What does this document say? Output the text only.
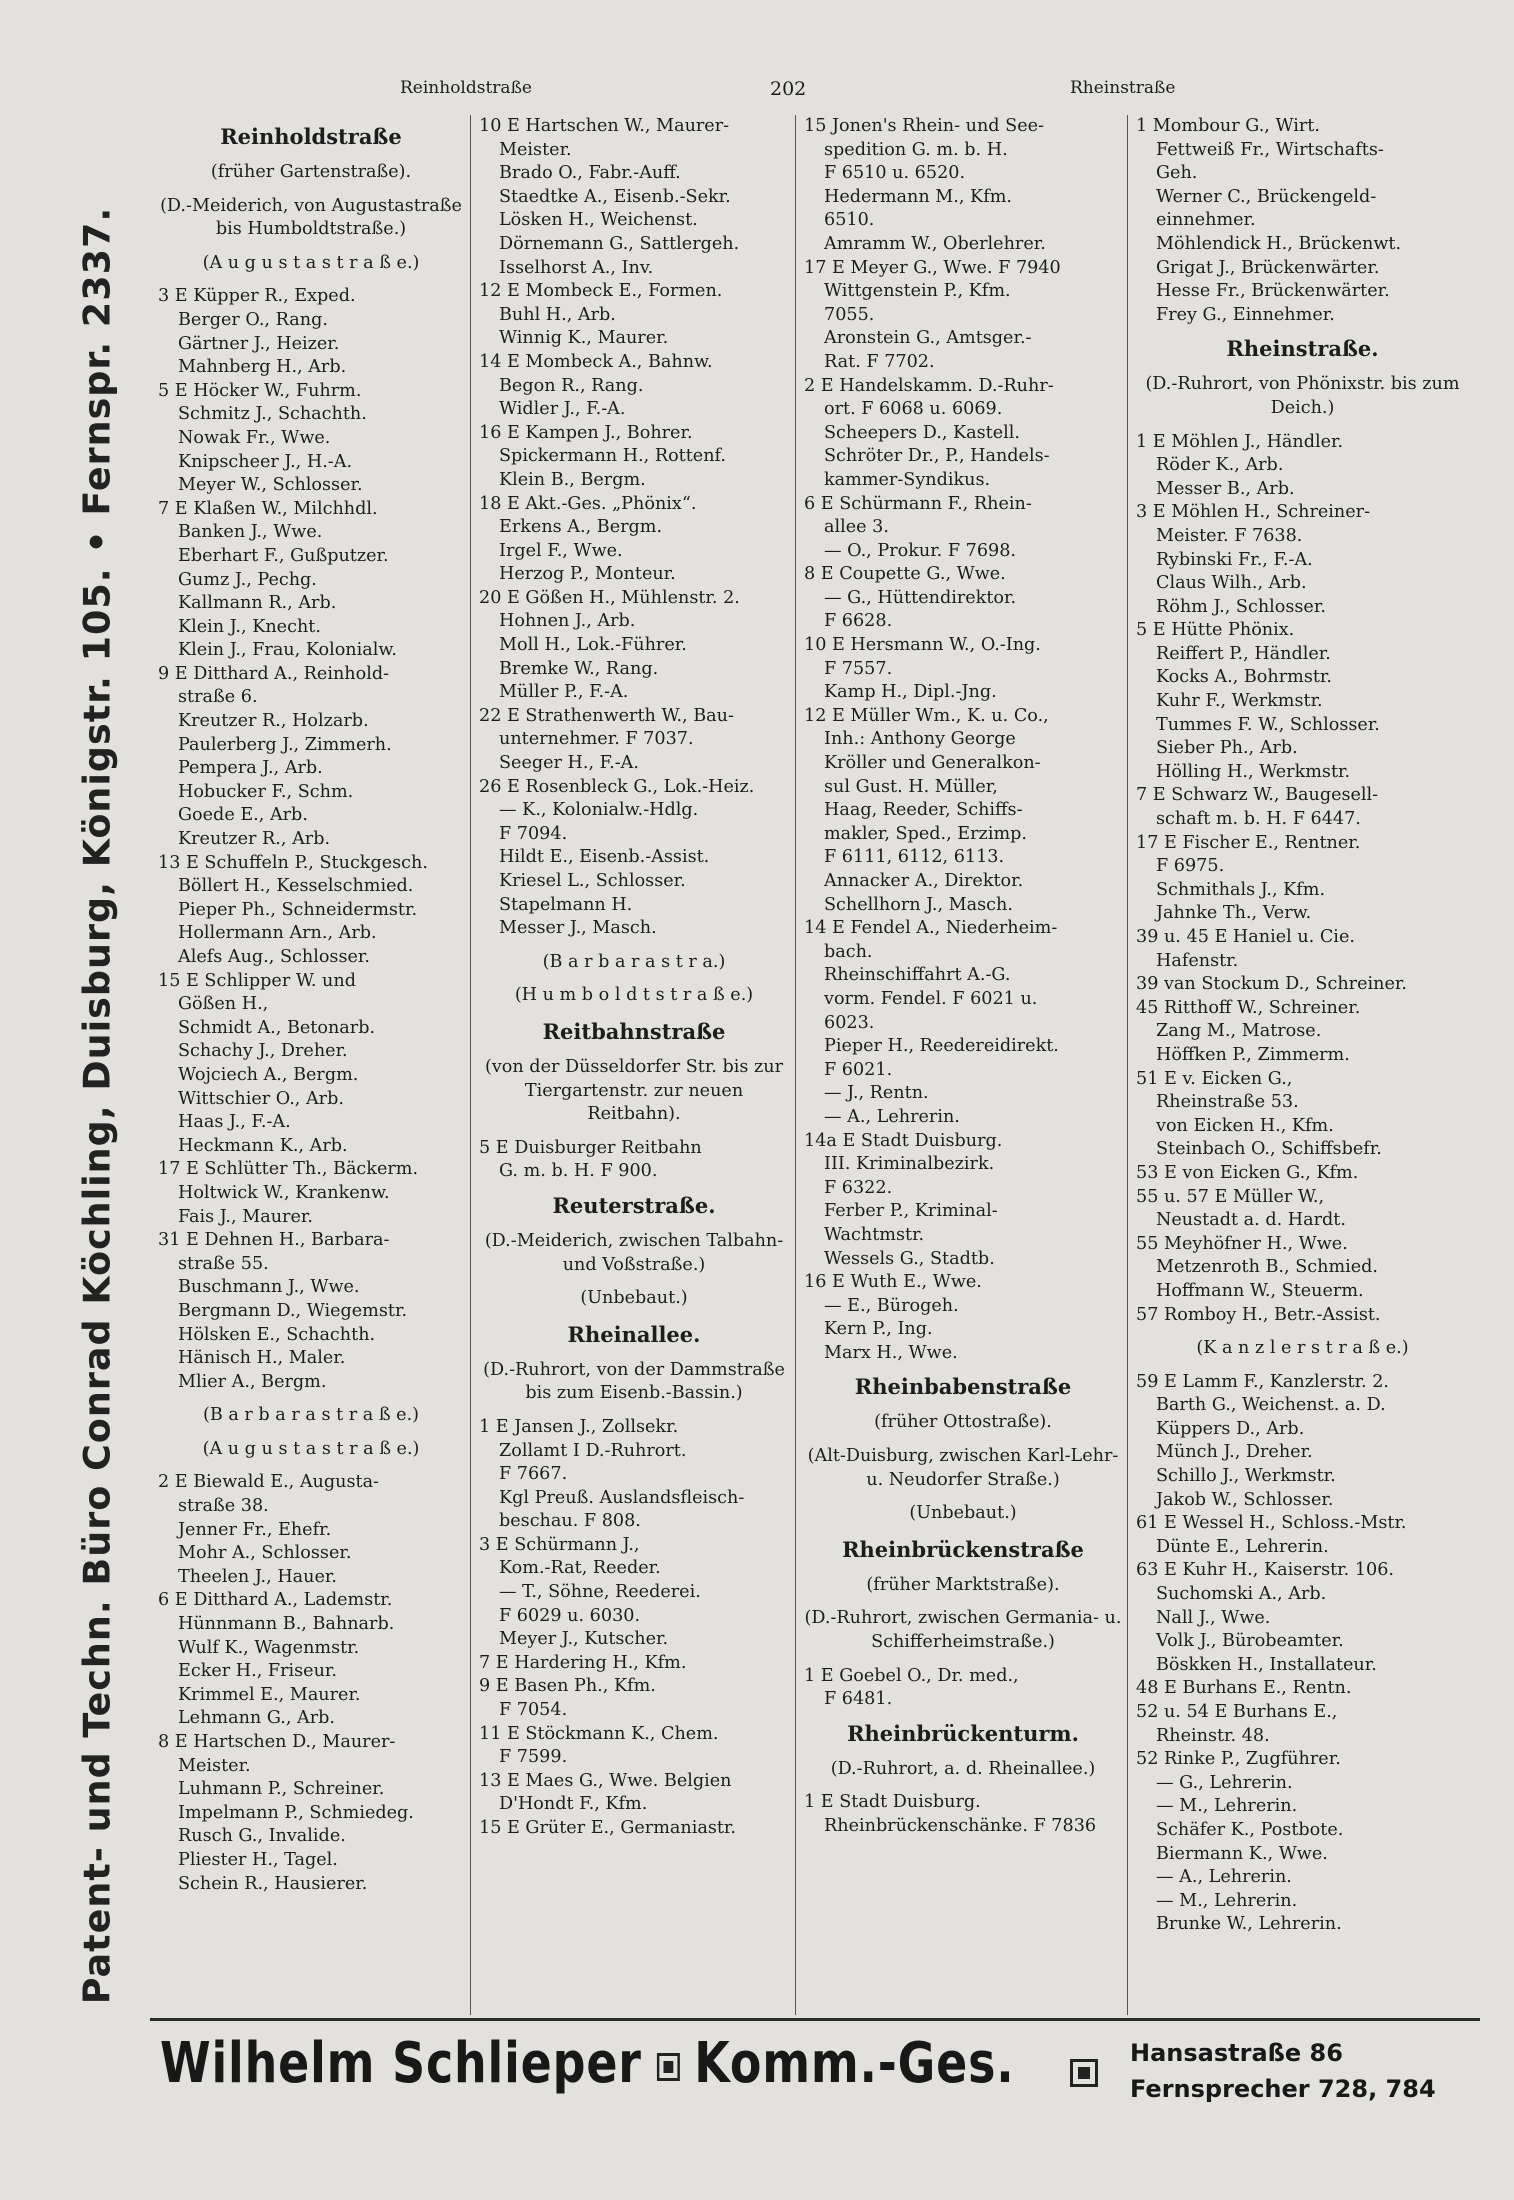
Patent- und Techn. Büro Conrad Köchling, Duisburg, Königstr. 105. • Fernspr. 2337.
Reinholdstraße	202	Rheinstraße
Reinholdstraße
(früher Gartenstraße).
(D.-Meiderich, von Augustastraße bis Humboldtstraße.)
(A u g u s t a s t r a ß e.)
3 E Küpper R., Exped.
Berger O., Rang.
Gärtner J., Heizer.
Mahnberg H., Arb.
5 E Höcker W., Fuhrm.
Schmitz J., Schachth.
Nowak Fr., Wwe.
Knipscheer J., H.-A.
Meyer W., Schlosser.
7 E Klaßen W., Milchhdl.
Banken J., Wwe.
Eberhart F., Gußputzer.
Gumz J., Pechg.
Kallmann R., Arb.
Klein J., Knecht.
Klein J., Frau, Kolonialw.
9 E Ditthard A., Reinhold-
straße 6.
Kreutzer R., Holzarb.
Paulerberg J., Zimmerh.
Pempera J., Arb.
Hobucker F., Schm.
Goede E., Arb.
Kreutzer R., Arb.
13 E Schuffeln P., Stuckgesch.
Böllert H., Kesselschmied.
Pieper Ph., Schneidermstr.
Hollermann Arn., Arb.
Alefs Aug., Schlosser.
15 E Schlipper W. und
Gößen H.,
Schmidt A., Betonarb.
Schachy J., Dreher.
Wojciech A., Bergm.
Wittschier O., Arb.
Haas J., F.-A.
Heckmann K., Arb.
17 E Schlütter Th., Bäckerm.
Holtwick W., Krankenw.
Fais J., Maurer.
31 E Dehnen H., Barbara-
straße 55.
Buschmann J., Wwe.
Bergmann D., Wiegemstr.
Hölsken E., Schachth.
Hänisch H., Maler.
Mlier A., Bergm.
(B a r b a r a s t r a ß e.)
(A u g u s t a s t r a ß e.)
2 E Biewald E., Augusta-
straße 38.
Jenner Fr., Ehefr.
Mohr A., Schlosser.
Theelen J., Hauer.
6 E Ditthard A., Lademstr.
Hünnmann B., Bahnarb.
Wulf K., Wagenmstr.
Ecker H., Friseur.
Krimmel E., Maurer.
Lehmann G., Arb.
8 E Hartschen D., Maurer-
Meister.
Luhmann P., Schreiner.
Impelmann P., Schmiedeg.
Rusch G., Invalide.
Pliester H., Tagel.
Schein R., Hausierer.
10 E Hartschen W., Maurer-
Meister.
Brado O., Fabr.-Auff.
Staedtke A., Eisenb.-Sekr.
Lösken H., Weichenst.
Dörnemann G., Sattlergeh.
Isselhorst A., Inv.
12 E Mombeck E., Formen.
Buhl H., Arb.
Winnig K., Maurer.
14 E Mombeck A., Bahnw.
Begon R., Rang.
Widler J., F.-A.
16 E Kampen J., Bohrer.
Spickermann H., Rottenf.
Klein B., Bergm.
18 E Akt.-Ges. „Phönix“.
Erkens A., Bergm.
Irgel F., Wwe.
Herzog P., Monteur.
20 E Gößen H., Mühlenstr. 2.
Hohnen J., Arb.
Moll H., Lok.-Führer.
Bremke W., Rang.
Müller P., F.-A.
22 E Strathenwerth W., Bau-
unternehmer. F 7037.
Seeger H., F.-A.
26 E Rosenbleck G., Lok.-Heiz.
— K., Kolonialw.-Hdlg.
F 7094.
Hildt E., Eisenb.-Assist.
Kriesel L., Schlosser.
Stapelmann H.
Messer J., Masch.
(B a r b a r a s t r a.)
(H u m b o l d t s t r a ß e.)
Reitbahnstraße
(von der Düsseldorfer Str. bis zur Tiergartenstr. zur neuen Reitbahn).
5 E Duisburger Reitbahn
G. m. b. H. F 900.
Reuterstraße.
(D.-Meiderich, zwischen Talbahn- und Voßstraße.)
(Unbebaut.)
Rheinallee.
(D.-Ruhrort, von der Dammstraße bis zum Eisenb.-Bassin.)
1 E Jansen J., Zollsekr.
Zollamt I D.-Ruhrort.
F 7667.
Kgl Preuß. Auslandsfleisch-
beschau. F 808.
3 E Schürmann J.,
Kom.-Rat, Reeder.
— T., Söhne, Reederei.
F 6029 u. 6030.
Meyer J., Kutscher.
7 E Hardering H., Kfm.
9 E Basen Ph., Kfm.
F 7054.
11 E Stöckmann K., Chem.
F 7599.
13 E Maes G., Wwe. Belgien
D'Hondt F., Kfm.
15 E Grüter E., Germaniastr.
15 Jonen's Rhein- und See-
spedition G. m. b. H.
F 6510 u. 6520.
Hedermann M., Kfm.
6510.
Amramm W., Oberlehrer.
17 E Meyer G., Wwe. F 7940
Wittgenstein P., Kfm.
7055.
Aronstein G., Amtsger.-
Rat. F 7702.
2 E Handelskamm. D.-Ruhr-
ort. F 6068 u. 6069.
Scheepers D., Kastell.
Schröter Dr., P., Handels-
kammer-Syndikus.
6 E Schürmann F., Rhein-
allee 3.
— O., Prokur. F 7698.
8 E Coupette G., Wwe.
— G., Hüttendirektor.
F 6628.
10 E Hersmann W., O.-Ing.
F 7557.
Kamp H., Dipl.-Jng.
12 E Müller Wm., K. u. Co.,
Inh.: Anthony George
Kröller und Generalkon-
sul Gust. H. Müller,
Haag, Reeder, Schiffs-
makler, Sped., Erzimp.
F 6111, 6112, 6113.
Annacker A., Direktor.
Schellhorn J., Masch.
14 E Fendel A., Niederheim-
bach.
Rheinschiffahrt A.-G.
vorm. Fendel. F 6021 u.
6023.
Pieper H., Reedereidirekt.
F 6021.
— J., Rentn.
— A., Lehrerin.
14a E Stadt Duisburg.
III. Kriminalbezirk.
F 6322.
Ferber P., Kriminal-
Wachtmstr.
Wessels G., Stadtb.
16 E Wuth E., Wwe.
— E., Bürogeh.
Kern P., Ing.
Marx H., Wwe.
Rheinbabenstraße
(früher Ottostraße).
(Alt-Duisburg, zwischen Karl-Lehr- u. Neudorfer Straße.)
(Unbebaut.)
Rheinbrückenstraße
(früher Marktstraße).
(D.-Ruhrort, zwischen Germania- u. Schifferheimstraße.)
1 E Goebel O., Dr. med.,
F 6481.
Rheinbrückenturm.
(D.-Ruhrort, a. d. Rheinallee.)
1 E Stadt Duisburg.
Rheinbrückenschänke. F 7836
1 Mombour G., Wirt.
Fettweiß Fr., Wirtschafts-
Geh.
Werner C., Brückengeld-
einnehmer.
Möhlendick H., Brückenwt.
Grigat J., Brückenwärter.
Hesse Fr., Brückenwärter.
Frey G., Einnehmer.
Rheinstraße.
(D.-Ruhrort, von Phönixstr. bis zum Deich.)
1 E Möhlen J., Händler.
Röder K., Arb.
Messer B., Arb.
3 E Möhlen H., Schreiner-
Meister. F 7638.
Rybinski Fr., F.-A.
Claus Wilh., Arb.
Röhm J., Schlosser.
5 E Hütte Phönix.
Reiffert P., Händler.
Kocks A., Bohrmstr.
Kuhr F., Werkmstr.
Tummes F. W., Schlosser.
Sieber Ph., Arb.
Hölling H., Werkmstr.
7 E Schwarz W., Baugesell-
schaft m. b. H. F 6447.
17 E Fischer E., Rentner.
F 6975.
Schmithals J., Kfm.
Jahnke Th., Verw.
39 u. 45 E Haniel u. Cie.
Hafenstr.
39 van Stockum D., Schreiner.
45 Ritthoff W., Schreiner.
Zang M., Matrose.
Höffken P., Zimmerm.
51 E v. Eicken G.,
Rheinstraße 53.
von Eicken H., Kfm.
Steinbach O., Schiffsbefr.
53 E von Eicken G., Kfm.
55 u. 57 E Müller W.,
Neustadt a. d. Hardt.
55 Meyhöfner H., Wwe.
Metzenroth B., Schmied.
Hoffmann W., Steuerm.
57 Romboy H., Betr.-Assist.
(K a n z l e r s t r a ß e.)
59 E Lamm F., Kanzlerstr. 2.
Barth G., Weichenst. a. D.
Küppers D., Arb.
Münch J., Dreher.
Schillo J., Werkmstr.
Jakob W., Schlosser.
61 E Wessel H., Schloss.-Mstr.
Dünte E., Lehrerin.
63 E Kuhr H., Kaiserstr. 106.
Suchomski A., Arb.
Nall J., Wwe.
Volk J., Bürobeamter.
Böskken H., Installateur.
48 E Burhans E., Rentn.
52 u. 54 E Burhans E.,
Rheinstr. 48.
52 Rinke P., Zugführer.
— G., Lehrerin.
— M., Lehrerin.
Schäfer K., Postbote.
Biermann K., Wwe.
— A., Lehrerin.
— M., Lehrerin.
Brunke W., Lehrerin.
Wilhelm Schlieper Komm.-Ges.	Hansastraße 86
Fernsprecher 728, 784
